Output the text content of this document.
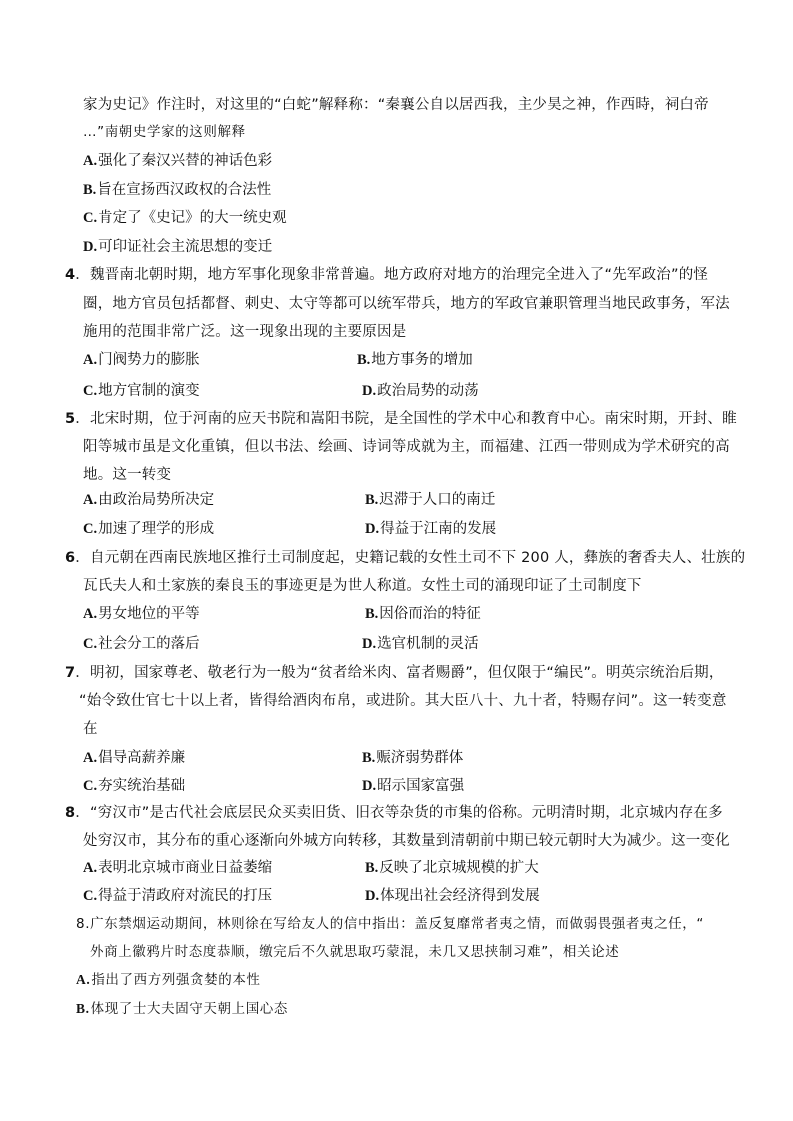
家为史记》作注时，对这里的“白蛇”解释称：“秦襄公自以居西我，主少昊之神，作西時，祠白帝
…”南朝史学家的这则解释
A.强化了秦汉兴替的神话色彩
B.旨在宣扬西汉政权的合法性
C.肯定了《史记》的大一统史观
D.可印证社会主流思想的变迁
4．魏晋南北朝时期，地方军事化现象非常普遍。地方政府对地方的治理完全进入了“先军政治”的怪
圈，地方官员包括都督、刺史、太守等都可以统军带兵，地方的军政官兼职管理当地民政事务，军法
施用的范围非常广泛。这一现象出现的主要原因是
A.门阀势力的膨胀	B.地方事务的增加
C.地方官制的演变	D.政治局势的动荡
5．北宋时期，位于河南的应天书院和嵩阳书院，是全国性的学术中心和教育中心。南宋时期，开封、睢
阳等城市虽是文化重镇，但以书法、绘画、诗词等成就为主，而福建、江西一带则成为学术研究的高
地。这一转变
A.由政治局势所决定	B.迟滞于人口的南迁
C.加速了理学的形成	D.得益于江南的发展
6．自元朝在西南民族地区推行土司制度起，史籍记载的女性土司不下 200 人，彝族的奢香夫人、壮族的
瓦氏夫人和土家族的秦良玉的事迹更是为世人称道。女性土司的涌现印证了土司制度下
A.男女地位的平等	B.因俗而治的特征
C.社会分工的落后	D.选官机制的灵活
7．明初，国家尊老、敬老行为一般为“贫者给米肉、富者赐爵”，但仅限于“编民”。明英宗统治后期，
“始令致仕官七十以上者，皆得给酒肉布帛，或进阶。其大臣八十、九十者，特赐存问”。这一转变意
在
A.倡导高薪养廉	B.赈济弱势群体
C.夯实统治基础	D.昭示国家富强
8．“穷汉市”是古代社会底层民众买卖旧货、旧衣等杂货的市集的俗称。元明清时期，北京城内存在多
处穷汉市，其分布的重心逐渐向外城方向转移，其数量到清朝前中期已较元朝时大为减少。这一变化
A.表明北京城市商业日益萎缩	B.反映了北京城规模的扩大
C.得益于清政府对流民的打压	D.体现出社会经济得到发展
8.广东禁烟运动期间，林则徐在写给友人的信中指出：盖反复靡常者夷之情，而做弱畏强者夷之任，“
外商上徽鸦片时态度恭顺，缴完后不久就思取巧蒙混，未几又思挟制习难”，相关论述
A.指出了西方列强贪婪的本性
B.体现了士大夫固守天朝上国心态
